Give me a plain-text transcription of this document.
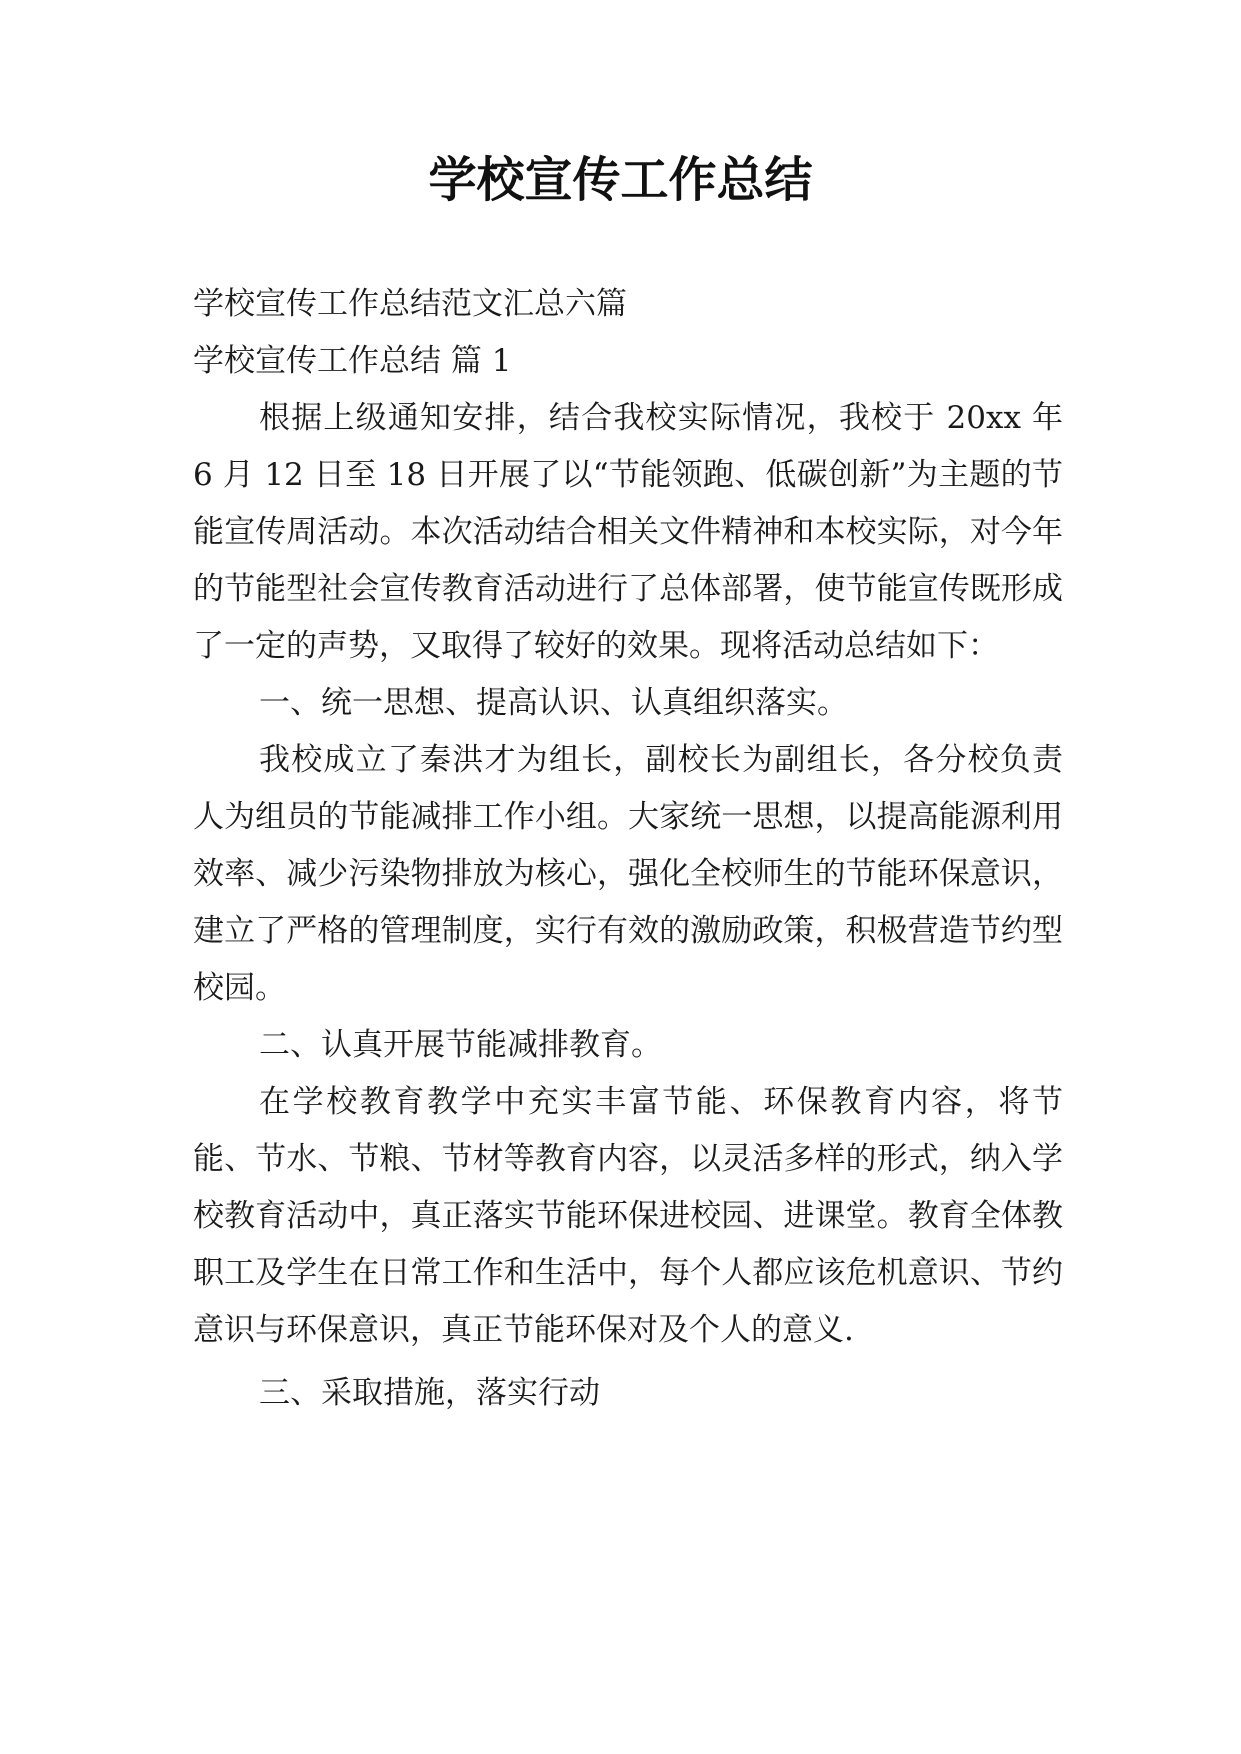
学校宣传工作总结

学校宣传工作总结范文汇总六篇

学校宣传工作总结 篇 1

根据上级通知安排，结合我校实际情况，我校于 20xx 年 6 月 12 日至 18 日开展了以“节能领跑、低碳创新”为主题的节能宣传周活动。本次活动结合相关文件精神和本校实际，对今年的节能型社会宣传教育活动进行了总体部署，使节能宣传既形成了一定的声势，又取得了较好的效果。现将活动总结如下：

一、统一思想、提高认识、认真组织落实。

我校成立了秦洪才为组长，副校长为副组长，各分校负责人为组员的节能减排工作小组。大家统一思想，以提高能源利用效率、减少污染物排放为核心，强化全校师生的节能环保意识，建立了严格的管理制度，实行有效的激励政策，积极营造节约型校园。

二、认真开展节能减排教育。

在学校教育教学中充实丰富节能、环保教育内容，将节能、节水、节粮、节材等教育内容，以灵活多样的形式，纳入学校教育活动中，真正落实节能环保进校园、进课堂。教育全体教职工及学生在日常工作和生活中，每个人都应该危机意识、节约意识与环保意识，真正节能环保对及个人的意义.

三、采取措施，落实行动
